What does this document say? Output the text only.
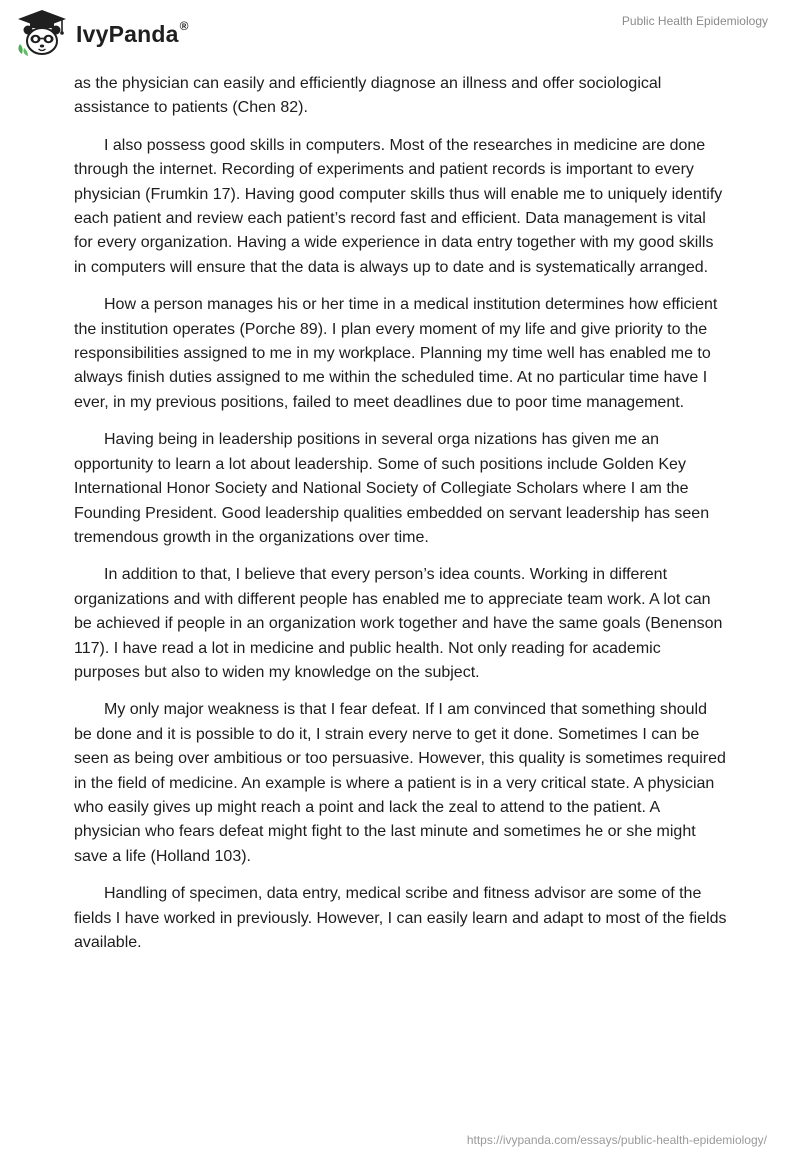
IvyPanda®	Public Health Epidemiology

as the physician can easily and efficiently diagnose an illness and offer sociological assistance to patients (Chen 82).

I also possess good skills in computers. Most of the researches in medicine are done through the internet. Recording of experiments and patient records is important to every physician (Frumkin 17). Having good computer skills thus will enable me to uniquely identify each patient and review each patient’s record fast and efficient. Data management is vital for every organization. Having a wide experience in data entry together with my good skills in computers will ensure that the data is always up to date and is systematically arranged.

How a person manages his or her time in a medical institution determines how efficient the institution operates (Porche 89). I plan every moment of my life and give priority to the responsibilities assigned to me in my workplace. Planning my time well has enabled me to always finish duties assigned to me within the scheduled time. At no particular time have I ever, in my previous positions, failed to meet deadlines due to poor time management.

Having being in leadership positions in several orga nizations has given me an opportunity to learn a lot about leadership. Some of such positions include Golden Key International Honor Society and National Society of Collegiate Scholars where I am the Founding President. Good leadership qualities embedded on servant leadership has seen tremendous growth in the organizations over time.

In addition to that, I believe that every person’s idea counts. Working in different organizations and with different people has enabled me to appreciate team work. A lot can be achieved if people in an organization work together and have the same goals (Benenson 117). I have read a lot in medicine and public health. Not only reading for academic purposes but also to widen my knowledge on the subject.

My only major weakness is that I fear defeat. If I am convinced that something should be done and it is possible to do it, I strain every nerve to get it done. Sometimes I can be seen as being over ambitious or too persuasive. However, this quality is sometimes required in the field of medicine. An example is where a patient is in a very critical state. A physician who easily gives up might reach a point and lack the zeal to attend to the patient. A physician who fears defeat might fight to the last minute and sometimes he or she might save a life (Holland 103).

Handling of specimen, data entry, medical scribe and fitness advisor are some of the fields I have worked in previously. However, I can easily learn and adapt to most of the fields available.

https://ivypanda.com/essays/public-health-epidemiology/
